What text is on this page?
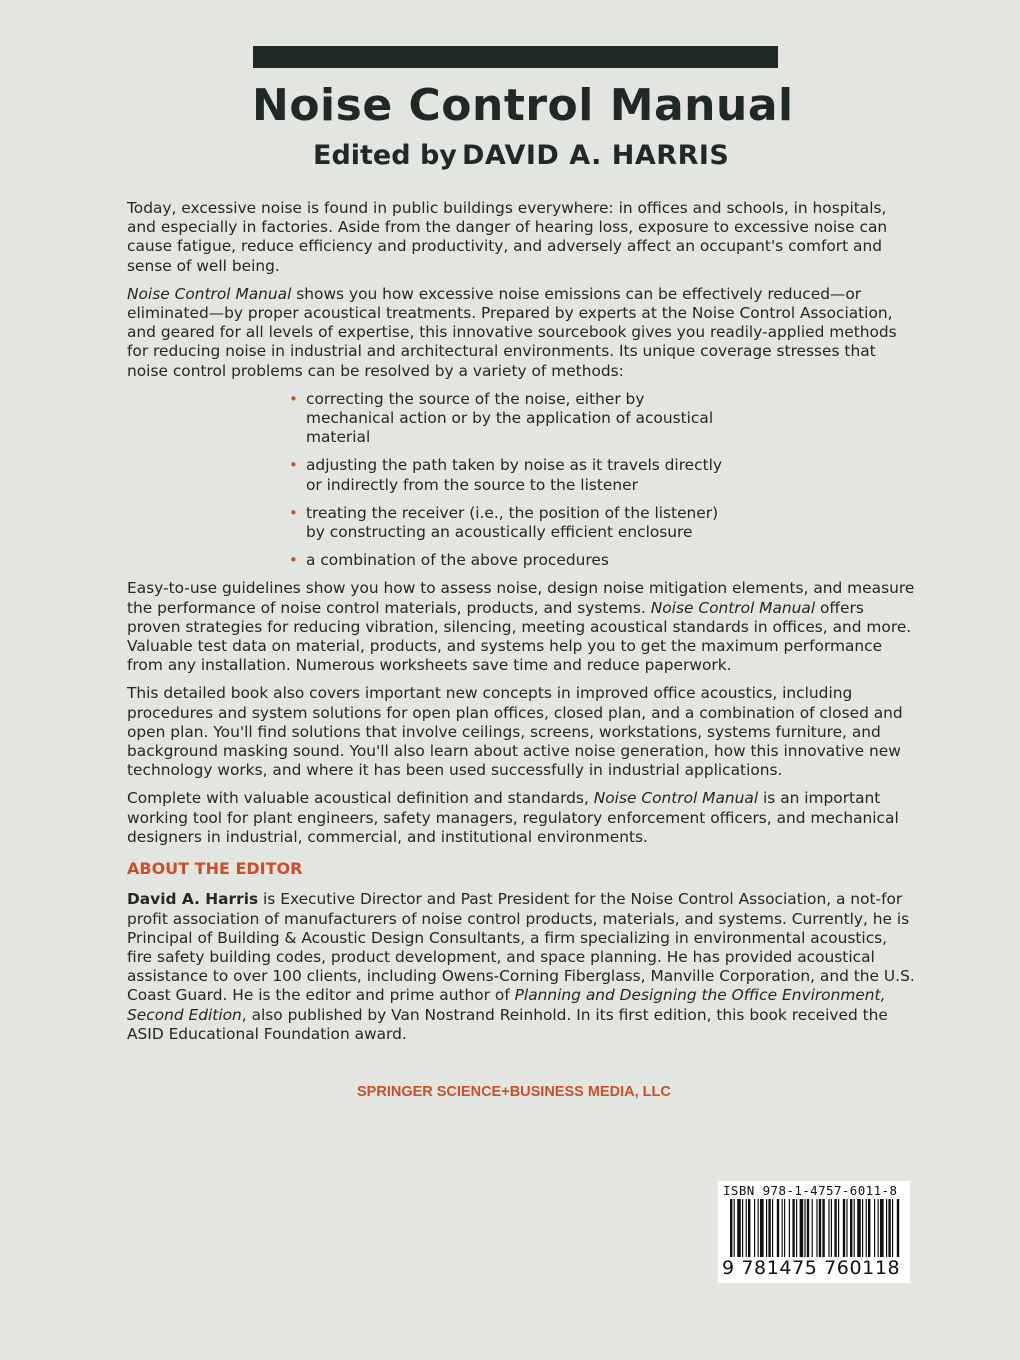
Noise Control Manual
Edited by DAVID A. HARRIS

Today, excessive noise is found in public buildings everywhere: in offices and schools, in hospitals, and especially in factories. Aside from the danger of hearing loss, exposure to excessive noise can cause fatigue, reduce efficiency and productivity, and adversely affect an occupant's comfort and sense of well being.

Noise Control Manual shows you how excessive noise emissions can be effectively reduced—or eliminated—by proper acoustical treatments. Prepared by experts at the Noise Control Association, and geared for all levels of expertise, this innovative sourcebook gives you readily-applied methods for reducing noise in industrial and architectural environments. Its unique coverage stresses that noise control problems can be resolved by a variety of methods:

• correcting the source of the noise, either by mechanical action or by the application of acoustical material
• adjusting the path taken by noise as it travels directly or indirectly from the source to the listener
• treating the receiver (i.e., the position of the listener) by constructing an acoustically efficient enclosure
• a combination of the above procedures

Easy-to-use guidelines show you how to assess noise, design noise mitigation elements, and measure the performance of noise control materials, products, and systems. Noise Control Manual offers proven strategies for reducing vibration, silencing, meeting acoustical standards in offices, and more. Valuable test data on material, products, and systems help you to get the maximum performance from any installation. Numerous worksheets save time and reduce paperwork.

This detailed book also covers important new concepts in improved office acoustics, including procedures and system solutions for open plan offices, closed plan, and a combination of closed and open plan. You'll find solutions that involve ceilings, screens, workstations, systems furniture, and background masking sound. You'll also learn about active noise generation, how this innovative new technology works, and where it has been used successfully in industrial applications.

Complete with valuable acoustical definition and standards, Noise Control Manual is an important working tool for plant engineers, safety managers, regulatory enforcement officers, and mechanical designers in industrial, commercial, and institutional environments.

ABOUT THE EDITOR

David A. Harris is Executive Director and Past President for the Noise Control Association, a not-for profit association of manufacturers of noise control products, materials, and systems. Currently, he is Principal of Building & Acoustic Design Consultants, a firm specializing in environmental acoustics, fire safety building codes, product development, and space planning. He has provided acoustical assistance to over 100 clients, including Owens-Corning Fiberglass, Manville Corporation, and the U.S. Coast Guard. He is the editor and prime author of Planning and Designing the Office Environment, Second Edition, also published by Van Nostrand Reinhold. In its first edition, this book received the ASID Educational Foundation award.

SPRINGER SCIENCE+BUSINESS MEDIA, LLC
ISBN 978-1-4757-6011-8
9 781475 760118
